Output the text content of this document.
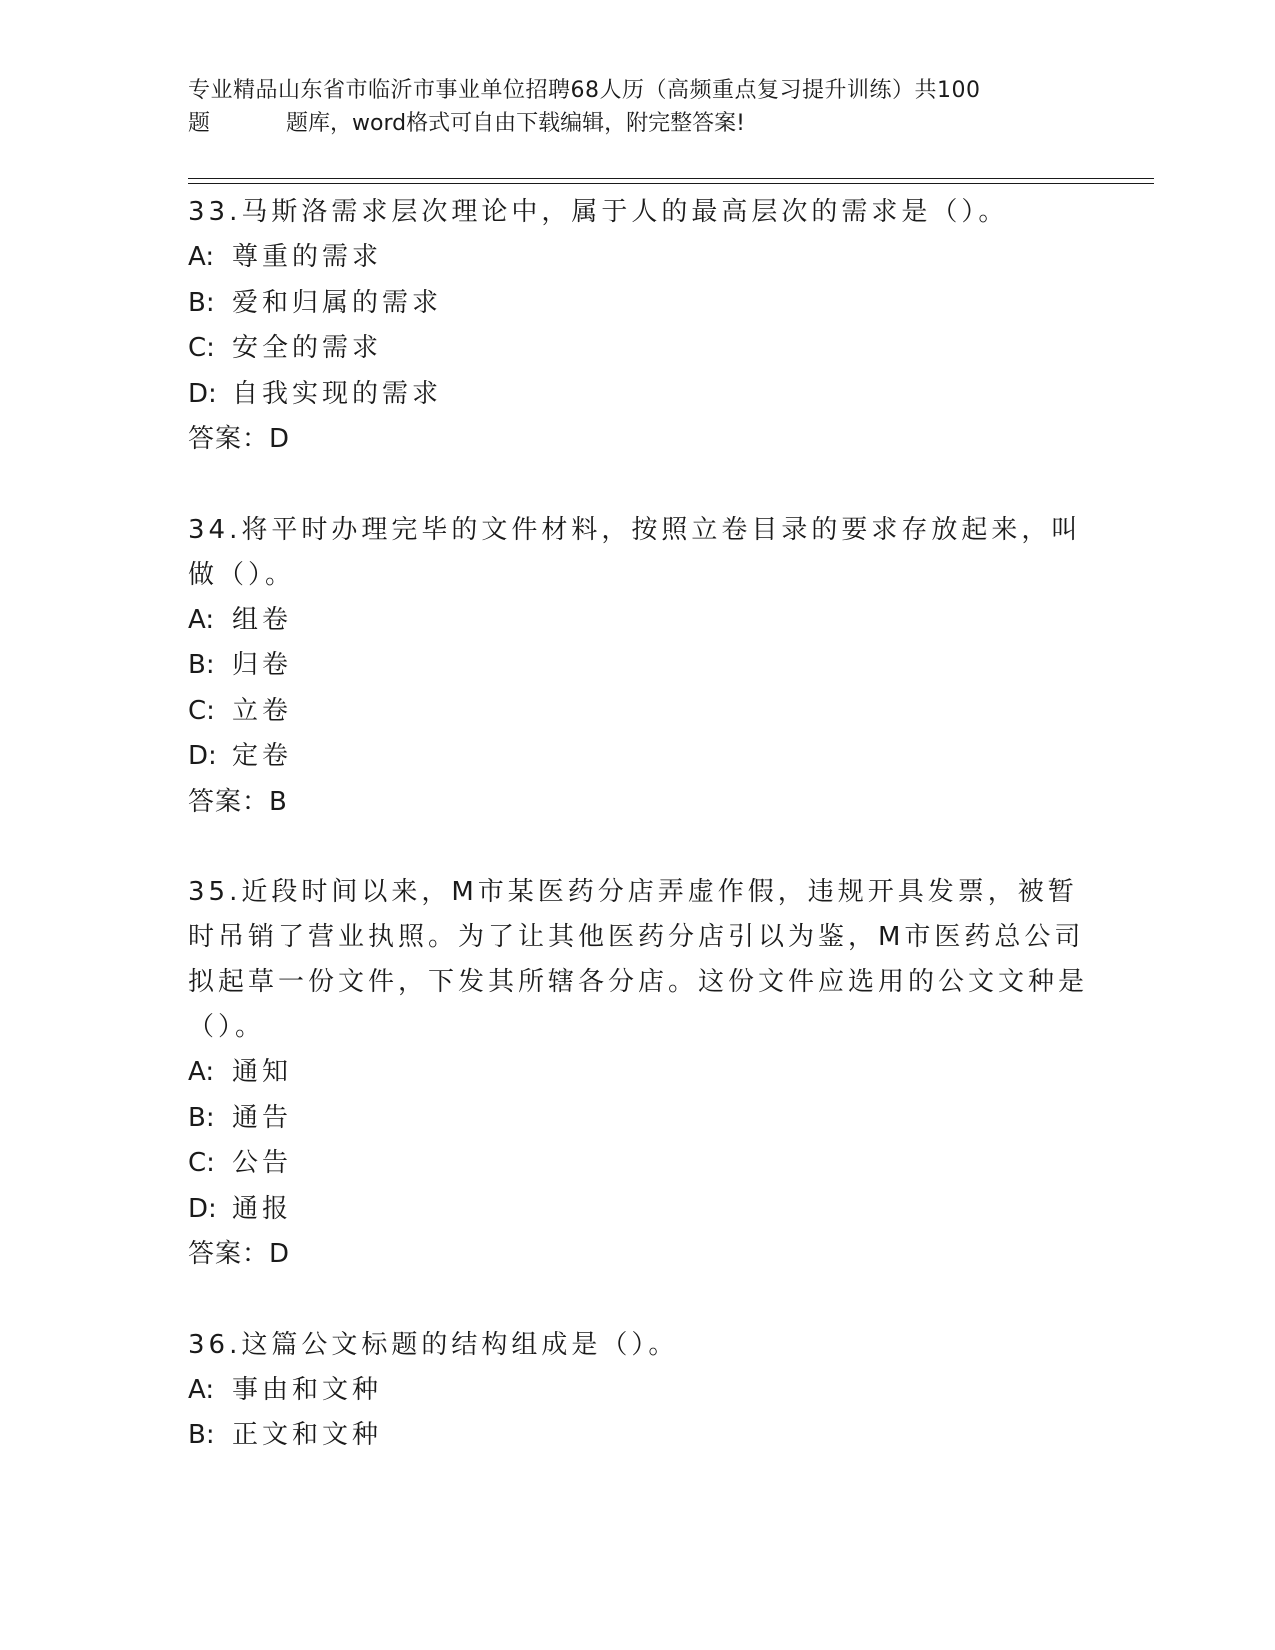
专业精品山东省市临沂市事业单位招聘68人历（高频重点复习提升训练）共100
题	题库，word格式可自由下载编辑，附完整答案!

33.马斯洛需求层次理论中，属于人的最高层次的需求是（）。

A: 尊重的需求

B: 爱和归属的需求

C: 安全的需求

D: 自我实现的需求

答案：D

34.将平时办理完毕的文件材料，按照立卷目录的要求存放起来，叫做（）。

A: 组卷

B: 归卷

C: 立卷

D: 定卷

答案：B

35.近段时间以来，M市某医药分店弄虚作假，违规开具发票，被暂时吊销了营业执照。为了让其他医药分店引以为鉴，M市医药总公司拟起草一份文件，下发其所辖各分店。这份文件应选用的公文文种是（）。

A: 通知

B: 通告

C: 公告

D: 通报

答案：D

36.这篇公文标题的结构组成是（）。

A: 事由和文种

B: 正文和文种
